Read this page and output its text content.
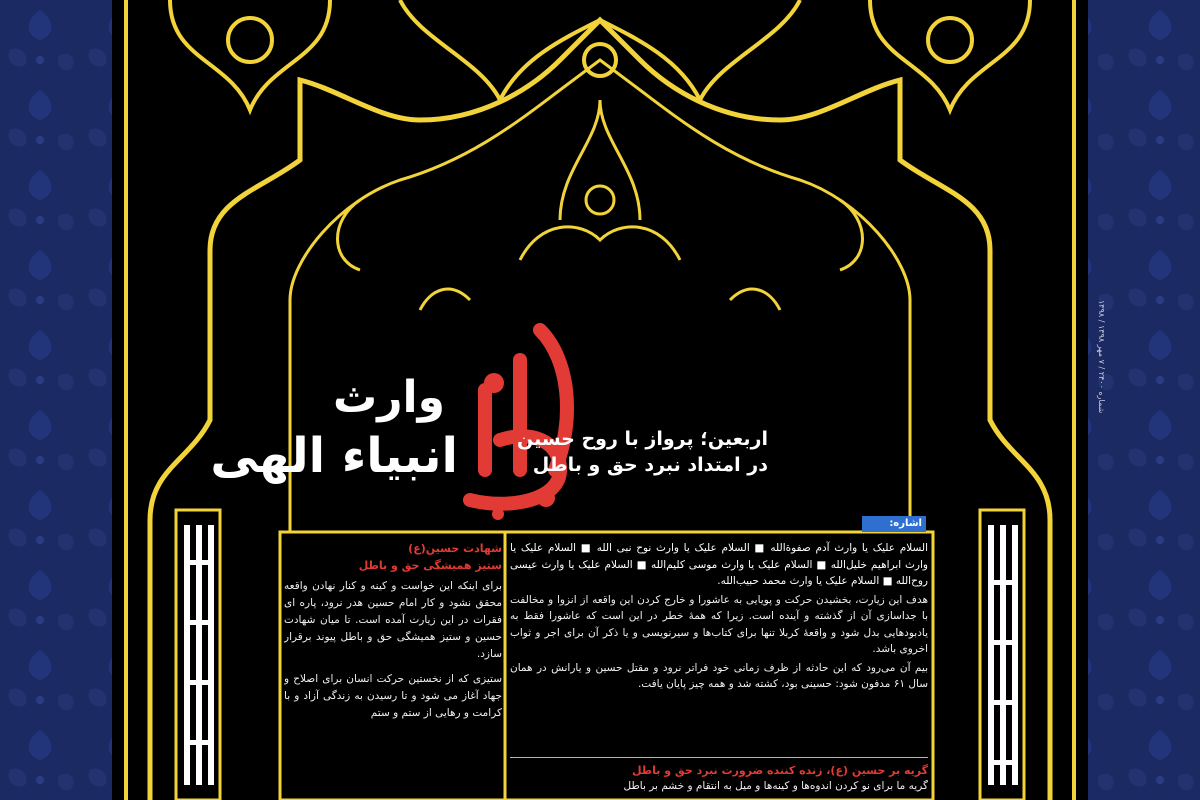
وارث
انبیاء الهی	اربعین؛ پرواز با روح حسین
در امتداد نبرد حق و باطل
اشاره:

السلام علیک یا وارث آدم صفوة‌الله ■ السلام علیک یا وارث نوح نبی الله ■ السلام علیک یا وارث ابراهیم خلیل‌الله ■ السلام علیک یا وارث موسی کلیم‌الله ■ السلام علیک یا وارث عیسی روح‌الله ■ السلام علیک یا وارث محمد حبیب‌الله.

هدف این زیارت، بخشیدن حرکت و پویایی به عاشورا و خارج کردن این واقعه از انزوا و مخالفت با جداسازی آن از گذشته و آینده است. زیرا که همهٔ خطر در این است که عاشورا فقط به یادبودهایی بدل شود و واقعهٔ کربلا تنها برای کتاب‌ها و سیرنویسی و یا ذکر آن برای اجر و ثواب اخروی باشد.

بیم آن می‌رود که این حادثه از ظرف زمانی خود فراتر نرود و مقتل حسین و یارانش در همان سال ۶۱ مدفون شود: حسینی بود، کشته شد و همه چیز پایان یافت.

گریه بر حسین (ع)، زنده کننده ضرورت نبرد حق و باطل
گریه ما برای نو کردن اندوه‌ها و کینه‌ها و میل به انتقام و خشم بر باطل

شهادت حسین(ع)

ستیز همیشگی حق و باطل

برای اینکه این خواست و کینه و کنار نهادن واقعه محقق نشود و کار امام حسین هدر نرود، پاره ای فقرات در این زیارت آمده است. تا میان شهادت حسین و ستیز همیشگی حق و باطل پیوند برقرار سازد.

ستیزی که از نخستین حرکت انسان برای اصلاح و جهاد آغاز می شود و تا رسیدن به زندگی آزاد و با کرامت و رهایی از ستم و ستم

۱۳۹۸ / شماره ۲۴۰۰ / ۷ مهر ۱۳۹۸
